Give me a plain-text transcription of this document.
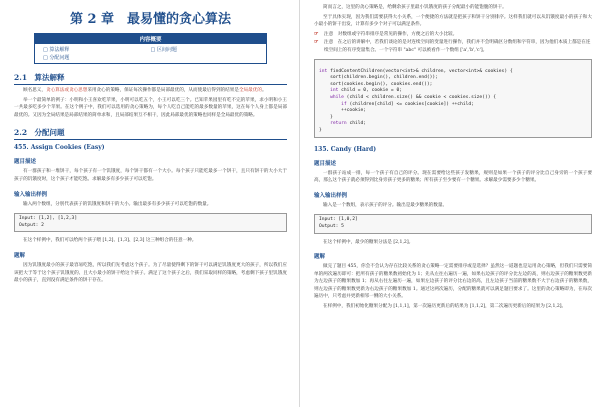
第 2 章　最易懂的贪心算法
内容概要
□ 算法解释
□	区间问题
□ 分配问题
2.1　算法解释

顾名思义，贪心算法或贪心思想采用贪心的策略，保证每次操作都是局部最优的，从而使最后得到的结果是全局最优的。

举一个最简单的例子：小明和小王喜欢吃苹果，小明可以吃五个，小王可以吃三个。已知苹果园里有吃不完的苹果，求小明和小王一共最多吃多少个苹果。在这个例子中，我们可以选用的贪心策略为，每个人吃自己能吃的最多数量的苹果，这在每个人身上都是局部最优的。又因为全局结果是局部结果的简单求和，且局部结果互不相干，因此局部最优的策略也同样是全局最优的策略。

2.2　分配问题
455. Assign Cookies (Easy)
题目描述

有一群孩子和一堆饼干，每个孩子有一个饥饿度，每个饼干都有一个大小。每个孩子只能吃最多一个饼干，且只有饼干的大小大于孩子的饥饿度时，这个孩子才能吃饱。求解最多有多少孩子可以吃饱。

输入输出样例

输入两个数组，分别代表孩子的饥饿度和饼干的大小。输出最多有多少孩子可以吃饱的数量。

Input: [1,2], [1,2,3]
Output: 2

在这个样例中，我们可以给两个孩子喂 [1,2]、[1,3]、[2,3] 这三种组合的任意一种。

题解

因为饥饿度最小的孩子最容易吃饱，所以我们先考虑这个孩子。为了尽量使得剩下的饼干可以满足饥饿度更大的孩子，所以我们应该把大于等于这个孩子饥饿度的、且大小最小的饼干给这个孩子。满足了这个孩子之后，我们采取同样的策略，考虑剩下孩子里饥饿度最小的孩子，直到没有满足条件的饼干存在。

简而言之，这里的贪心策略是，给剩余孩子里最小饥饿度的孩子分配最小的能饱腹的饼干。

至于具体实现，因为我们需要获得大小关系，一个便捷的方法就是把孩子和饼干分别排序。这样我们就可以从饥饿度最小的孩子和大小最小的饼干出发，计算有多少个对子可以满足条件。

☞	注意　对数组或字符串排序是常见的操作，方便之后的大小比较。
☞	注意　在之后的讲解中，若我们谈论的是对连续空间的变量进行操作，我们并不会明确区分数组和字符串，因为他们本质上都是在连续空间上的有序变量集合。一个字符串 "abc" 可以被看作一个数组 ['a','b','c']。

int findContentChildren(vector<int>& children, vector<int>& cookies) {
sort(children.begin(), children.end());
sort(cookies.begin(), cookies.end());
int child = 0, cookie = 0;
while (child < children.size() && cookie < cookies.size()) {
if (children[child] <= cookies[cookie]) ++child;
++cookie;
}
return child;
}
135. Candy (Hard)
题目描述

一群孩子站成一排，每一个孩子有自己的评分。现在需要给这些孩子发糖果，规则是如果一个孩子的评分比自己身旁的一个孩子要高，那么这个孩子就必须得到比身旁孩子更多的糖果；所有孩子至少要有一个糖果。求解最少需要多少个糖果。

输入输出样例

输入是一个数组，表示孩子的评分。输出是最少糖果的数量。

Input: [1,0,2]
Output: 5

在这个样例中，最少的糖果分法是 [2,1,2]。

题解

做完了题目 455，你会不会认为存在比较关系的贪心策略一定需要排序或是选择？虽然这一道题也是运用贪心策略，但我们只需要简单的两次遍历即可：把所有孩子的糖果数初始化为 1；先从左往右遍历一遍，如果右边孩子的评分比左边的高，则右边孩子的糖果数更新为左边孩子的糖果数加 1；再从右往左遍历一遍，如果左边孩子的评分比右边的高，且左边孩子当前的糖果数不大于右边孩子的糖果数，则左边孩子的糖果数更新为右边孩子的糖果数加 1。通过这两次遍历，分配的糖果就可以满足题目要求了。这里的贪心策略即为，在每次遍历中，只考虑并更新相邻一侧的大小关系。

在样例中，我们初始化糖果分配为 [1,1,1]，第一次遍历更新后的结果为 [1,1,2]，第二次遍历更新后的结果为 [2,1,2]。
